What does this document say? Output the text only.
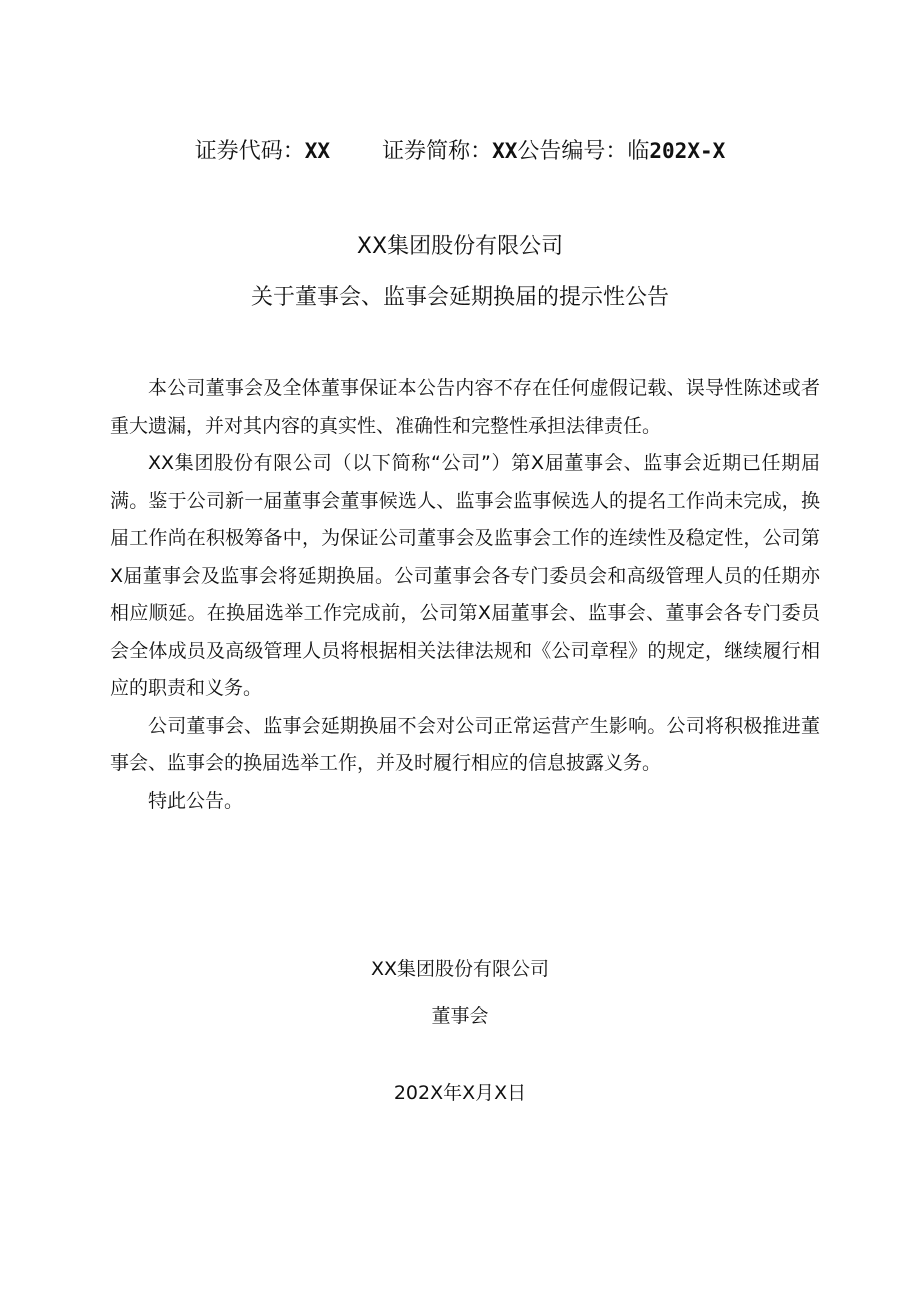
证券代码：XX 证券简称：XX公告编号：临202X-X
XX集团股份有限公司
关于董事会、监事会延期换届的提示性公告

本公司董事会及全体董事保证本公告内容不存在任何虚假记载、误导性陈述或者重大遗漏，并对其内容的真实性、准确性和完整性承担法律责任。

XX集团股份有限公司（以下简称“公司”）第X届董事会、监事会近期已任期届满。鉴于公司新一届董事会董事候选人、监事会监事候选人的提名工作尚未完成，换届工作尚在积极筹备中，为保证公司董事会及监事会工作的连续性及稳定性，公司第X届董事会及监事会将延期换届。公司董事会各专门委员会和高级管理人员的任期亦相应顺延。在换届选举工作完成前，公司第X届董事会、监事会、董事会各专门委员会全体成员及高级管理人员将根据相关法律法规和《公司章程》的规定，继续履行相应的职责和义务。

公司董事会、监事会延期换届不会对公司正常运营产生影响。公司将积极推进董事会、监事会的换届选举工作，并及时履行相应的信息披露义务。

特此公告。

XX集团股份有限公司
董事会
202X年X月X日
